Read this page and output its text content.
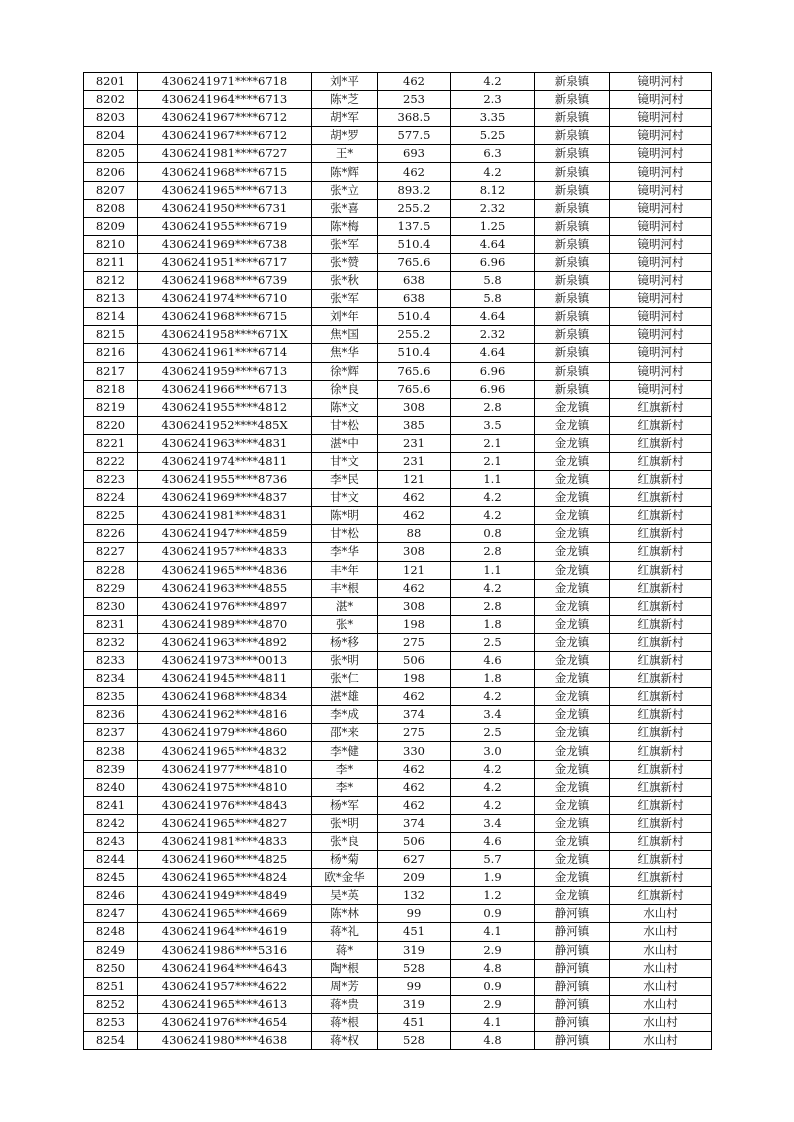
8201	4306241971****6718	刘*平	462	4.2	新泉镇	镜明河村
8202	4306241964****6713	陈*芝	253	2.3	新泉镇	镜明河村
8203	4306241967****6712	胡*军	368.5	3.35	新泉镇	镜明河村
8204	4306241967****6712	胡*罗	577.5	5.25	新泉镇	镜明河村
8205	4306241981****6727	王*	693	6.3	新泉镇	镜明河村
8206	4306241968****6715	陈*辉	462	4.2	新泉镇	镜明河村
8207	4306241965****6713	张*立	893.2	8.12	新泉镇	镜明河村
8208	4306241950****6731	张*喜	255.2	2.32	新泉镇	镜明河村
8209	4306241955****6719	陈*梅	137.5	1.25	新泉镇	镜明河村
8210	4306241969****6738	张*军	510.4	4.64	新泉镇	镜明河村
8211	4306241951****6717	张*赞	765.6	6.96	新泉镇	镜明河村
8212	4306241968****6739	张*秋	638	5.8	新泉镇	镜明河村
8213	4306241974****6710	张*军	638	5.8	新泉镇	镜明河村
8214	4306241968****6715	刘*年	510.4	4.64	新泉镇	镜明河村
8215	4306241958****671X	焦*国	255.2	2.32	新泉镇	镜明河村
8216	4306241961****6714	焦*华	510.4	4.64	新泉镇	镜明河村
8217	4306241959****6713	徐*辉	765.6	6.96	新泉镇	镜明河村
8218	4306241966****6713	徐*良	765.6	6.96	新泉镇	镜明河村
8219	4306241955****4812	陈*文	308	2.8	金龙镇	红旗新村
8220	4306241952****485X	甘*松	385	3.5	金龙镇	红旗新村
8221	4306241963****4831	湛*中	231	2.1	金龙镇	红旗新村
8222	4306241974****4811	甘*文	231	2.1	金龙镇	红旗新村
8223	4306241955****8736	李*民	121	1.1	金龙镇	红旗新村
8224	4306241969****4837	甘*文	462	4.2	金龙镇	红旗新村
8225	4306241981****4831	陈*明	462	4.2	金龙镇	红旗新村
8226	4306241947****4859	甘*松	88	0.8	金龙镇	红旗新村
8227	4306241957****4833	李*华	308	2.8	金龙镇	红旗新村
8228	4306241965****4836	丰*年	121	1.1	金龙镇	红旗新村
8229	4306241963****4855	丰*根	462	4.2	金龙镇	红旗新村
8230	4306241976****4897	湛*	308	2.8	金龙镇	红旗新村
8231	4306241989****4870	张*	198	1.8	金龙镇	红旗新村
8232	4306241963****4892	杨*移	275	2.5	金龙镇	红旗新村
8233	4306241973****0013	张*明	506	4.6	金龙镇	红旗新村
8234	4306241945****4811	张*仁	198	1.8	金龙镇	红旗新村
8235	4306241968****4834	湛*雄	462	4.2	金龙镇	红旗新村
8236	4306241962****4816	李*成	374	3.4	金龙镇	红旗新村
8237	4306241979****4860	邵*来	275	2.5	金龙镇	红旗新村
8238	4306241965****4832	李*健	330	3.0	金龙镇	红旗新村
8239	4306241977****4810	李*	462	4.2	金龙镇	红旗新村
8240	4306241975****4810	李*	462	4.2	金龙镇	红旗新村
8241	4306241976****4843	杨*军	462	4.2	金龙镇	红旗新村
8242	4306241965****4827	张*明	374	3.4	金龙镇	红旗新村
8243	4306241981****4833	张*良	506	4.6	金龙镇	红旗新村
8244	4306241960****4825	杨*菊	627	5.7	金龙镇	红旗新村
8245	4306241965****4824	欧*金华	209	1.9	金龙镇	红旗新村
8246	4306241949****4849	吴*英	132	1.2	金龙镇	红旗新村
8247	4306241965****4669	陈*林	99	0.9	静河镇	水山村
8248	4306241964****4619	蒋*礼	451	4.1	静河镇	水山村
8249	4306241986****5316	蒋*	319	2.9	静河镇	水山村
8250	4306241964****4643	陶*根	528	4.8	静河镇	水山村
8251	4306241957****4622	周*芳	99	0.9	静河镇	水山村
8252	4306241965****4613	蒋*贵	319	2.9	静河镇	水山村
8253	4306241976****4654	蒋*根	451	4.1	静河镇	水山村
8254	4306241980****4638	蒋*权	528	4.8	静河镇	水山村
